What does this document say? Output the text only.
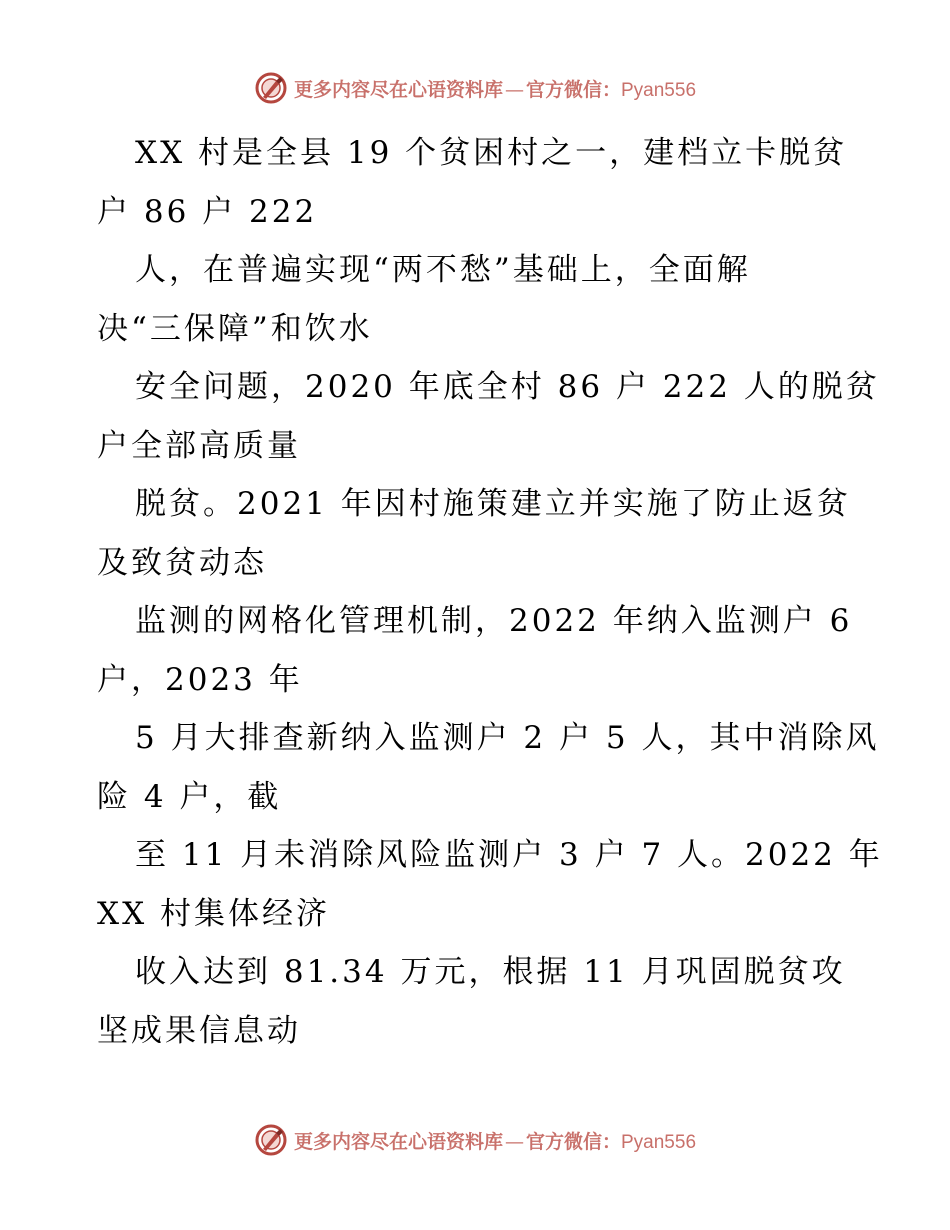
更多内容尽在心语资料库 — 官方微信：Pyan556
XX 村是全县 19 个贫困村之一，建档立卡脱贫
户 86 户 222
人，在普遍实现“两不愁”基础上，全面解
决“三保障”和饮水
安全问题，2020 年底全村 86 户 222 人的脱贫
户全部高质量
脱贫。2021 年因村施策建立并实施了防止返贫
及致贫动态
监测的网格化管理机制，2022 年纳入监测户 6
户，2023 年
5 月大排查新纳入监测户 2 户 5 人，其中消除风
险 4 户，截
至 11 月未消除风险监测户 3 户 7 人。2022 年
XX 村集体经济
收入达到 81.34 万元，根据 11 月巩固脱贫攻
坚成果信息动
更多内容尽在心语资料库 — 官方微信：Pyan556
